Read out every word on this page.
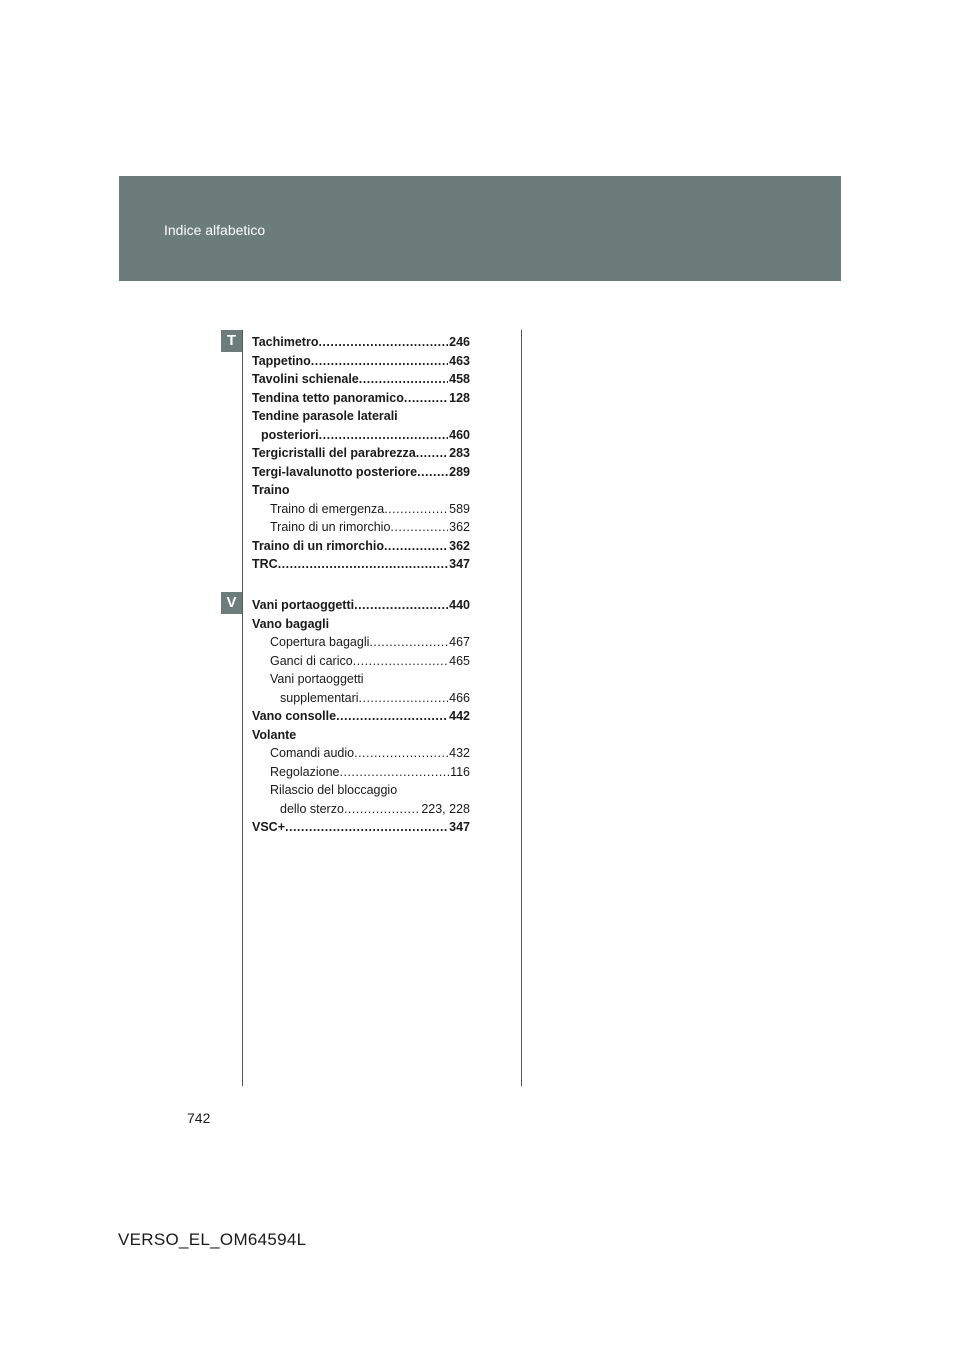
Indice alfabetico
T	Tachimetro .....	246
Tappetino .....	463
Tavolini schienale .....	458
Tendina tetto panoramico .....	128
Tendine parasole laterali
posteriori .....	460
Tergicristalli del parabrezza .....	283
Tergi-lavalunotto posteriore .....	289
Traino
Traino di emergenza .....	589
Traino di un rimorchio .....	362
Traino di un rimorchio .....	362
TRC .....	347
V	Vani portaoggetti .....	440
Vano bagagli
Copertura bagagli .....	467
Ganci di carico .....	465
Vani portaoggetti
supplementari .....	466
Vano consolle .....	442
Volante
Comandi audio .....	432
Regolazione .....	116
Rilascio del bloccaggio
dello sterzo .....	223, 228
VSC+ .....	347
742
VERSO_EL_OM64594L
